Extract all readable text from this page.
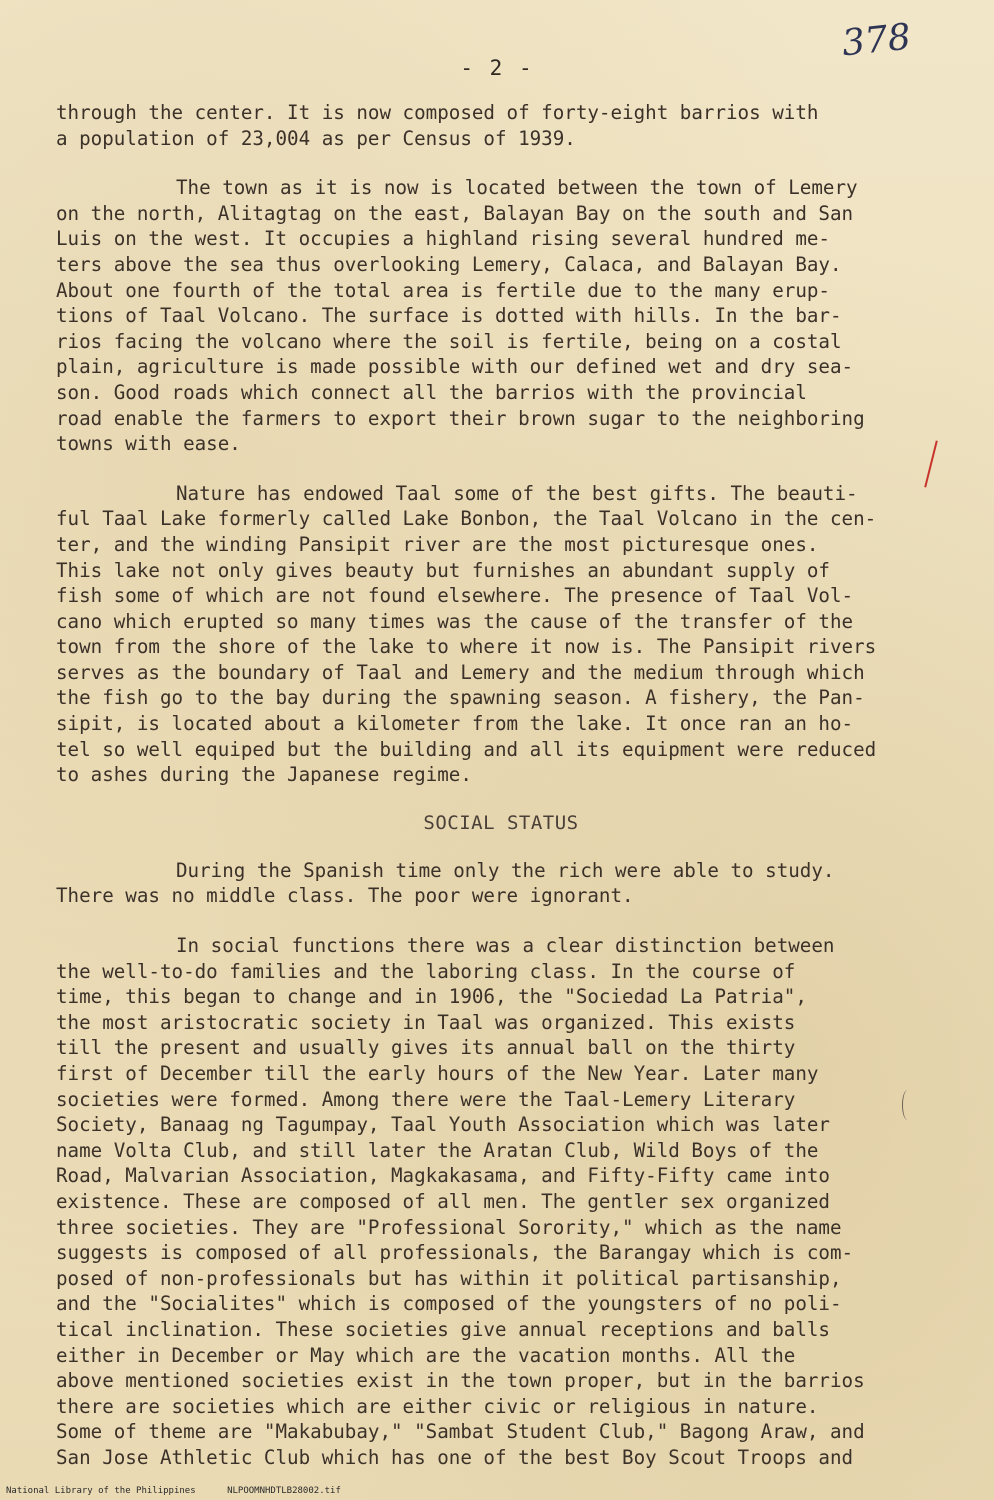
378
- 2 -
through the center. It is now composed of forty-eight barrios with
a population of 23,004 as per Census of 1939.
The town as it is now is located between the town of Lemery
on the north, Alitagtag on the east, Balayan Bay on the south and San
Luis on the west. It occupies a highland rising several hundred me-
ters above the sea thus overlooking Lemery, Calaca, and Balayan Bay.
About one fourth of the total area is fertile due to the many erup-
tions of Taal Volcano. The surface is dotted with hills. In the bar-
rios facing the volcano where the soil is fertile, being on a costal
plain, agriculture is made possible with our defined wet and dry sea-
son. Good roads which connect all the barrios with the provincial
road enable the farmers to export their brown sugar to the neighboring
towns with ease.
Nature has endowed Taal some of the best gifts. The beauti-
ful Taal Lake formerly called Lake Bonbon, the Taal Volcano in the cen-
ter, and the winding Pansipit river are the most picturesque ones.
This lake not only gives beauty but furnishes an abundant supply of
fish some of which are not found elsewhere. The presence of Taal Vol-
cano which erupted so many times was the cause of the transfer of the
town from the shore of the lake to where it now is. The Pansipit rivers
serves as the boundary of Taal and Lemery and the medium through which
the fish go to the bay during the spawning season. A fishery, the Pan-
sipit, is located about a kilometer from the lake. It once ran an ho-
tel so well equiped but the building and all its equipment were reduced
to ashes during the Japanese regime.
SOCIAL STATUS
During the Spanish time only the rich were able to study.
There was no middle class. The poor were ignorant.
In social functions there was a clear distinction between
the well-to-do families and the laboring class. In the course of
time, this began to change and in 1906, the "Sociedad La Patria",
the most aristocratic society in Taal was organized. This exists
till the present and usually gives its annual ball on the thirty
first of December till the early hours of the New Year. Later many
societies were formed. Among there were the Taal-Lemery Literary
Society, Banaag ng Tagumpay, Taal Youth Association which was later
name Volta Club, and still later the Aratan Club, Wild Boys of the
Road, Malvarian Association, Magkakasama, and Fifty-Fifty came into
existence. These are composed of all men. The gentler sex organized
three societies. They are "Professional Sorority," which as the name
suggests is composed of all professionals, the Barangay which is com-
posed of non-professionals but has within it political partisanship,
and the "Socialites" which is composed of the youngsters of no poli-
tical inclination. These societies give annual receptions and balls
either in December or May which are the vacation months. All the
above mentioned societies exist in the town proper, but in the barrios
there are societies which are either civic or religious in nature.
Some of theme are "Makabubay," "Sambat Student Club," Bagong Araw, and
San Jose Athletic Club which has one of the best Boy Scout Troops and
National Library of the Philippines	NLPOOMNHDTLB28002.tif
